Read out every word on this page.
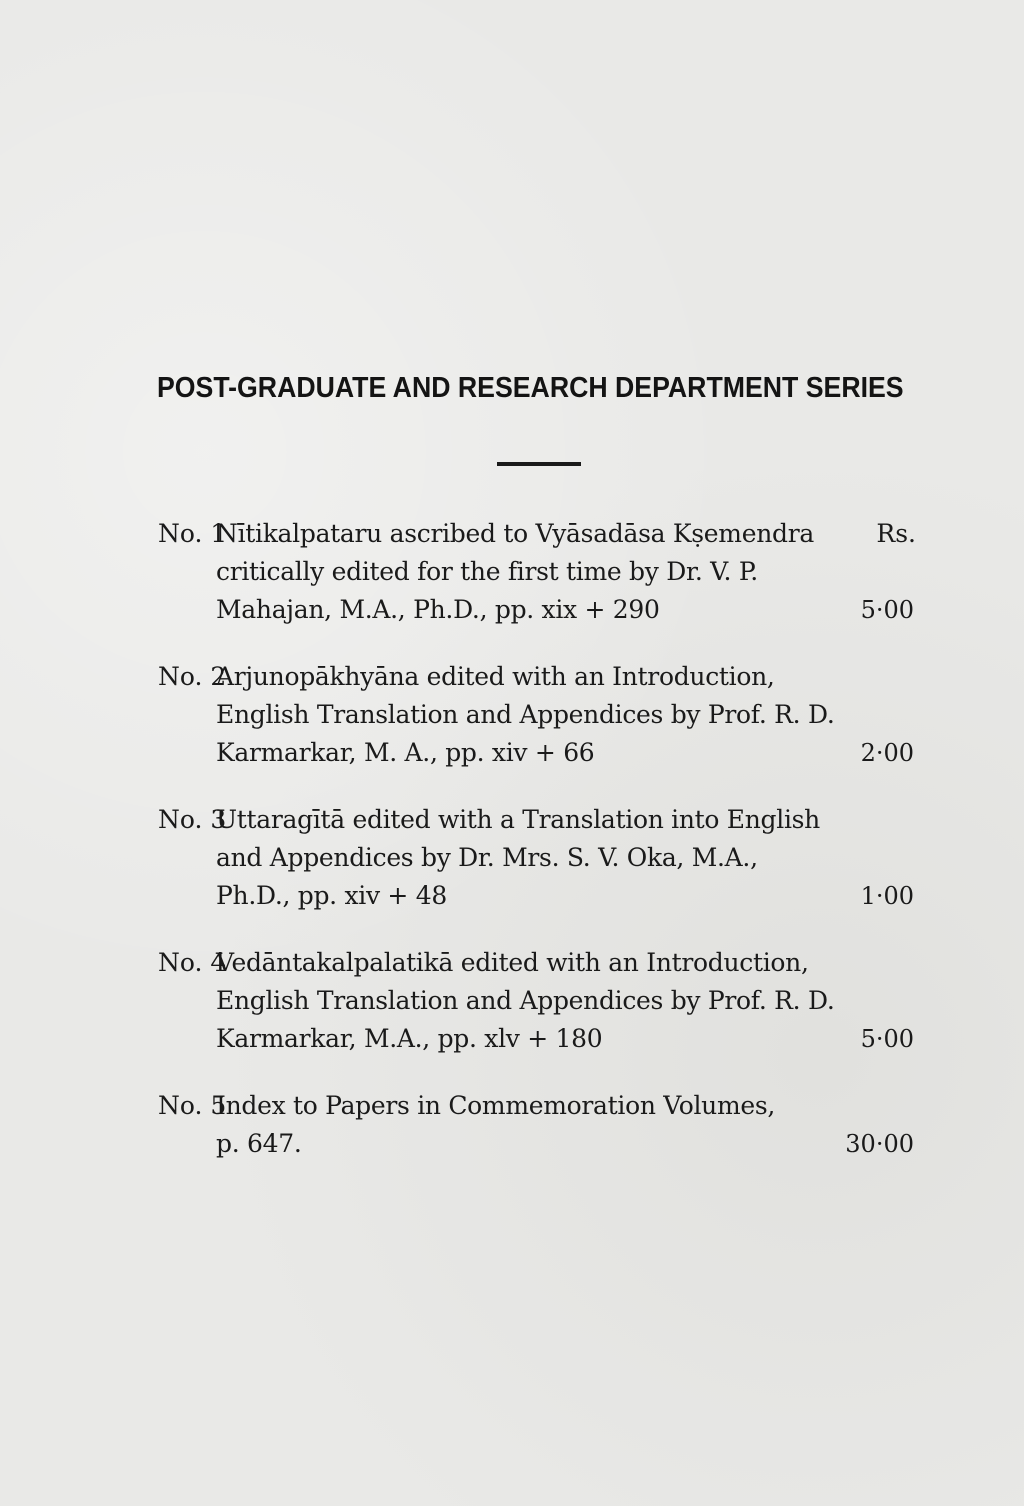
POST-GRADUATE AND RESEARCH DEPARTMENT SERIES
No. 1Nītikalpataru ascribed to Vyāsadāsa Kṣemendra Rs.
critically edited for the first time by Dr. V. P.
Mahajan, M.A., Ph.D., pp. xix + 290	5·00
No. 2Arjunopākhyāna edited with an Introduction,
English Translation and Appendices by Prof. R. D.
Karmarkar, M. A., pp. xiv + 66	2·00
No. 3Uttaragītā edited with a Translation into English
and Appendices by Dr. Mrs. S. V. Oka, M.A.,
Ph.D., pp. xiv + 48	1·00
No. 4Vedāntakalpalatikā edited with an Introduction,
English Translation and Appendices by Prof. R. D.
Karmarkar, M.A., pp. xlv + 180	5·00
No. 5Index to Papers in Commemoration Volumes,
p. 647.	30·00
